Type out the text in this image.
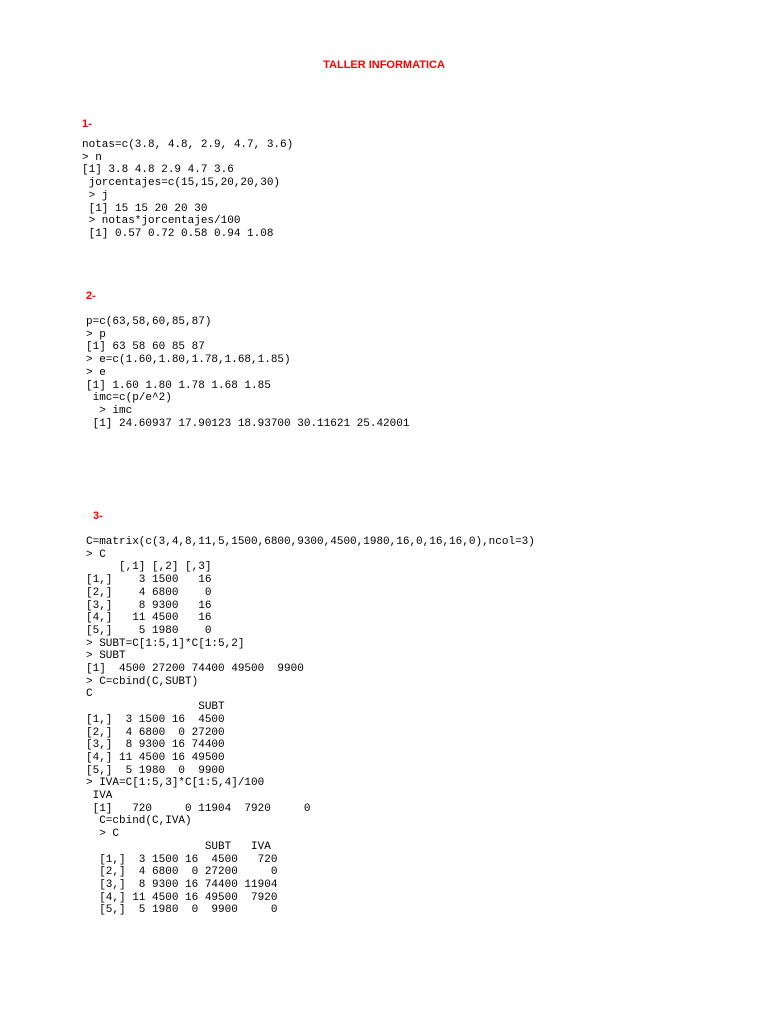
TALLER INFORMATICA
1-
notas=c(3.8, 4.8, 2.9, 4.7, 3.6)
> n
[1] 3.8 4.8 2.9 4.7 3.6
jorcentajes=c(15,15,20,20,30)
> j
[1] 15 15 20 20 30
> notas*jorcentajes/100
[1] 0.57 0.72 0.58 0.94 1.08
2-
p=c(63,58,60,85,87)
> p
[1] 63 58 60 85 87
> e=c(1.60,1.80,1.78,1.68,1.85)
> e
[1] 1.60 1.80 1.78 1.68 1.85
imc=c(p/e^2)
> imc
[1] 24.60937 17.90123 18.93700 30.11621 25.42001
3-
C=matrix(c(3,4,8,11,5,1500,6800,9300,4500,1980,16,0,16,16,0),ncol=3)
> C
[,1] [,2] [,3]
[1,]    3 1500   16
[2,]    4 6800    0
[3,]    8 9300   16
[4,]   11 4500   16
[5,]    5 1980    0
> SUBT=C[1:5,1]*C[1:5,2]
> SUBT
[1]  4500 27200 74400 49500  9900
> C=cbind(C,SUBT)
C
SUBT
[1,]  3 1500 16  4500
[2,]  4 6800  0 27200
[3,]  8 9300 16 74400
[4,] 11 4500 16 49500
[5,]  5 1980  0  9900
> IVA=C[1:5,3]*C[1:5,4]/100
IVA
[1]   720     0 11904  7920     0
C=cbind(C,IVA)
> C
SUBT   IVA
[1,]  3 1500 16  4500   720
[2,]  4 6800  0 27200     0
[3,]  8 9300 16 74400 11904
[4,] 11 4500 16 49500  7920
[5,]  5 1980  0  9900     0
